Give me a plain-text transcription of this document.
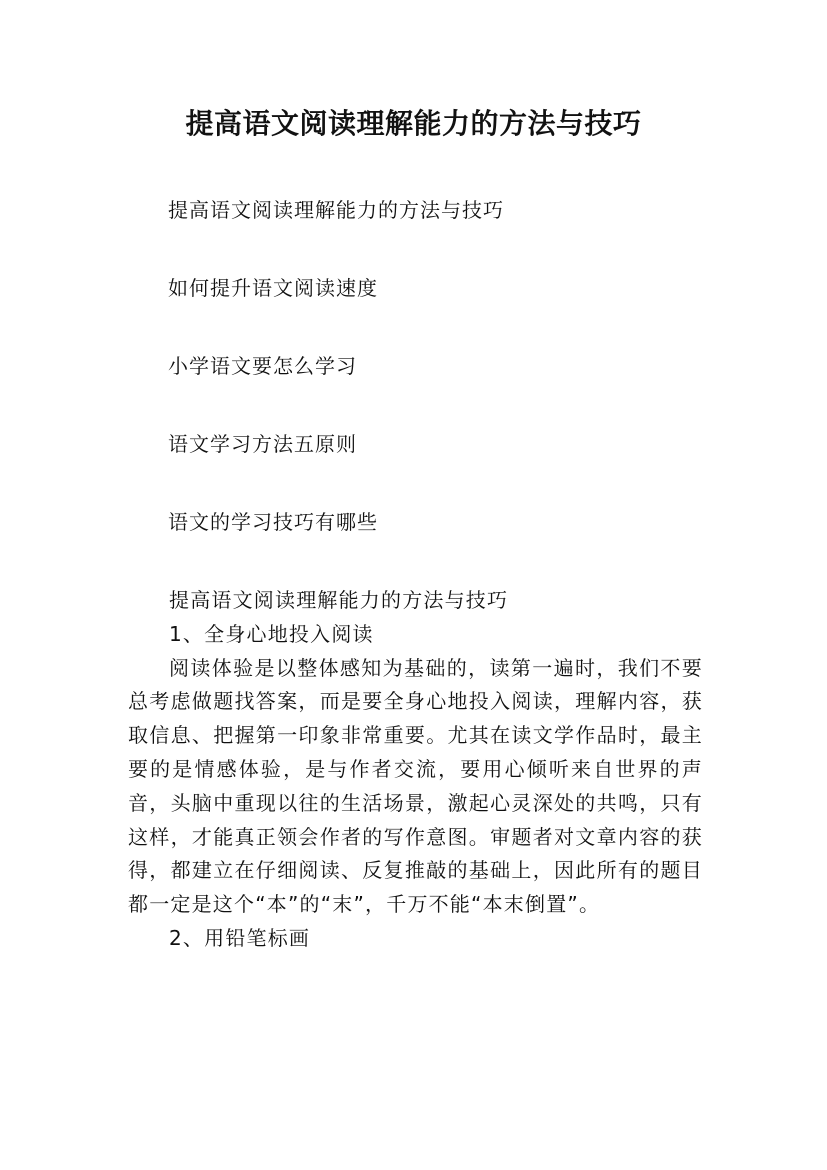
提高语文阅读理解能力的方法与技巧
提高语文阅读理解能力的方法与技巧
如何提升语文阅读速度
小学语文要怎么学习
语文学习方法五原则
语文的学习技巧有哪些

提高语文阅读理解能力的方法与技巧

1、全身心地投入阅读

阅读体验是以整体感知为基础的，读第一遍时，我们不要总考虑做题找答案，而是要全身心地投入阅读，理解内容，获取信息、把握第一印象非常重要。尤其在读文学作品时，最主要的是情感体验，是与作者交流，要用心倾听来自世界的声音，头脑中重现以往的生活场景，激起心灵深处的共鸣，只有这样，才能真正领会作者的写作意图。审题者对文章内容的获得，都建立在仔细阅读、反复推敲的基础上，因此所有的题目都一定是这个“本”的“末”，千万不能“本末倒置”。

2、用铅笔标画
